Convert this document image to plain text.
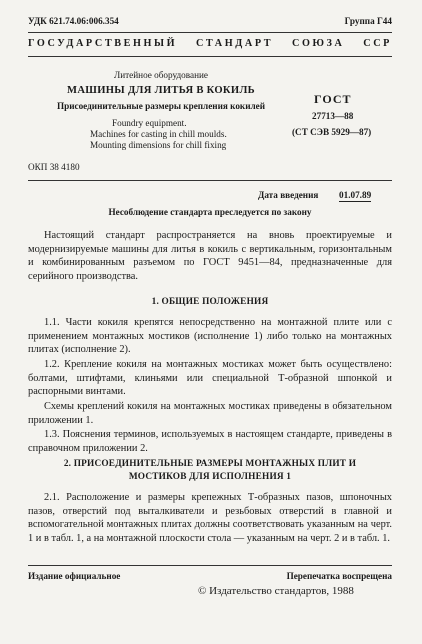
УДК 621.74.06:006.354	Группа Г44
ГОСУДАРСТВЕННЫЙ СТАНДАРТ СОЮЗА ССР
Литейное оборудование
МАШИНЫ ДЛЯ ЛИТЬЯ В КОКИЛЬ
Присоединительные размеры крепления кокилей
Foundry equipment.
Machines for casting in chill moulds.
Mounting dimensions for chill fixing
ГОСТ
27713—88
(СТ СЭВ 5929—87)
ОКП 38 4180
Дата введения 01.07.89
Несоблюдение стандарта преследуется по закону
Настоящий стандарт распространяется на вновь проектируемые и модернизируемые машины для литья в кокиль с вертикальным, горизонтальным и комбинированным разъемом по ГОСТ 9451—84, предназначенные для серийного производства.
1. ОБЩИЕ ПОЛОЖЕНИЯ
1.1. Части кокиля крепятся непосредственно на монтажной плите или с применением монтажных мостиков (исполнение 1) либо только на монтажных плитах (исполнение 2).
1.2. Крепление кокиля на монтажных мостиках может быть осуществлено: болтами, штифтами, клиньями или специальной Т-образной шпонкой и распорными винтами.
Схемы креплений кокиля на монтажных мостиках приведены в обязательном приложении 1.
1.3. Пояснения терминов, используемых в настоящем стандарте, приведены в справочном приложении 2.
2. ПРИСОЕДИНИТЕЛЬНЫЕ РАЗМЕРЫ МОНТАЖНЫХ ПЛИТ И
МОСТИКОВ ДЛЯ ИСПОЛНЕНИЯ 1
2.1. Расположение и размеры крепежных Т-образных пазов, шпоночных пазов, отверстий под выталкиватели и резьбовых отверстий в главной и вспомогательной монтажных плитах должны соответствовать указанным на черт. 1 и в табл. 1, а на монтажной плоскости стола — указанным на черт. 2 и в табл. 1.
Издание официальное	Перепечатка воспрещена
© Издательство стандартов, 1988
